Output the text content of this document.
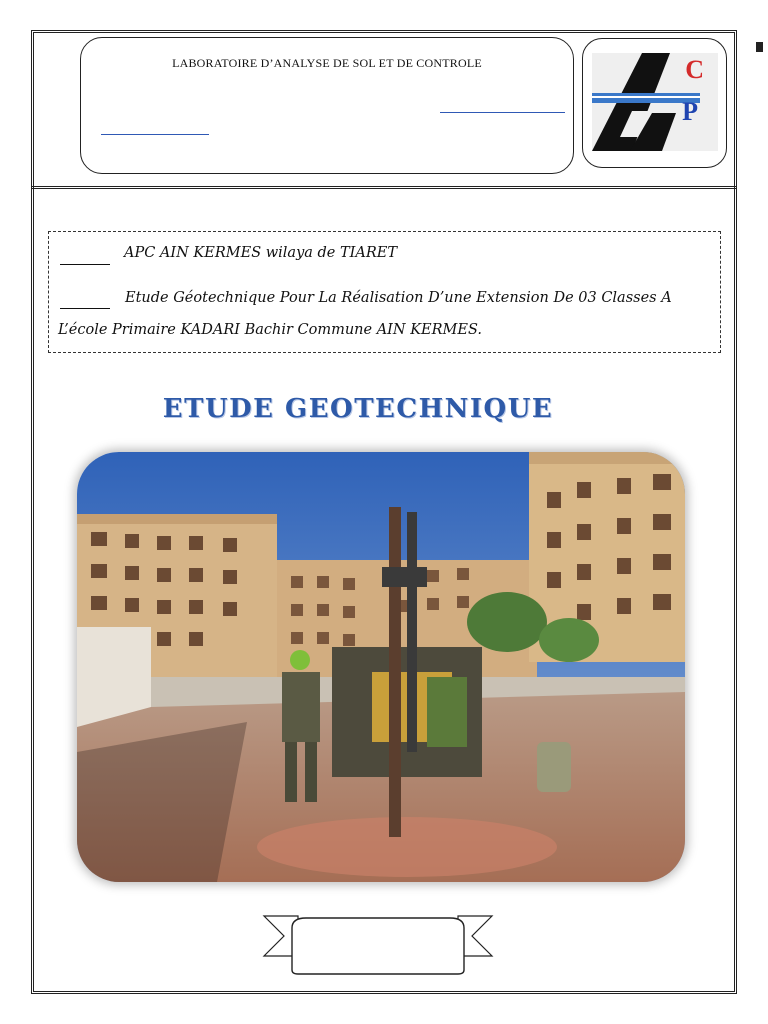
LABORATOIRE D’ANALYSE DE SOL ET DE CONTROLE	C
P
APC AIN KERMES wilaya de TIARET
Etude Géotechnique Pour La Réalisation D’une Extension De 03 Classes A
L’école Primaire KADARI Bachir Commune AIN KERMES.
ETUDE GEOTECHNIQUE
